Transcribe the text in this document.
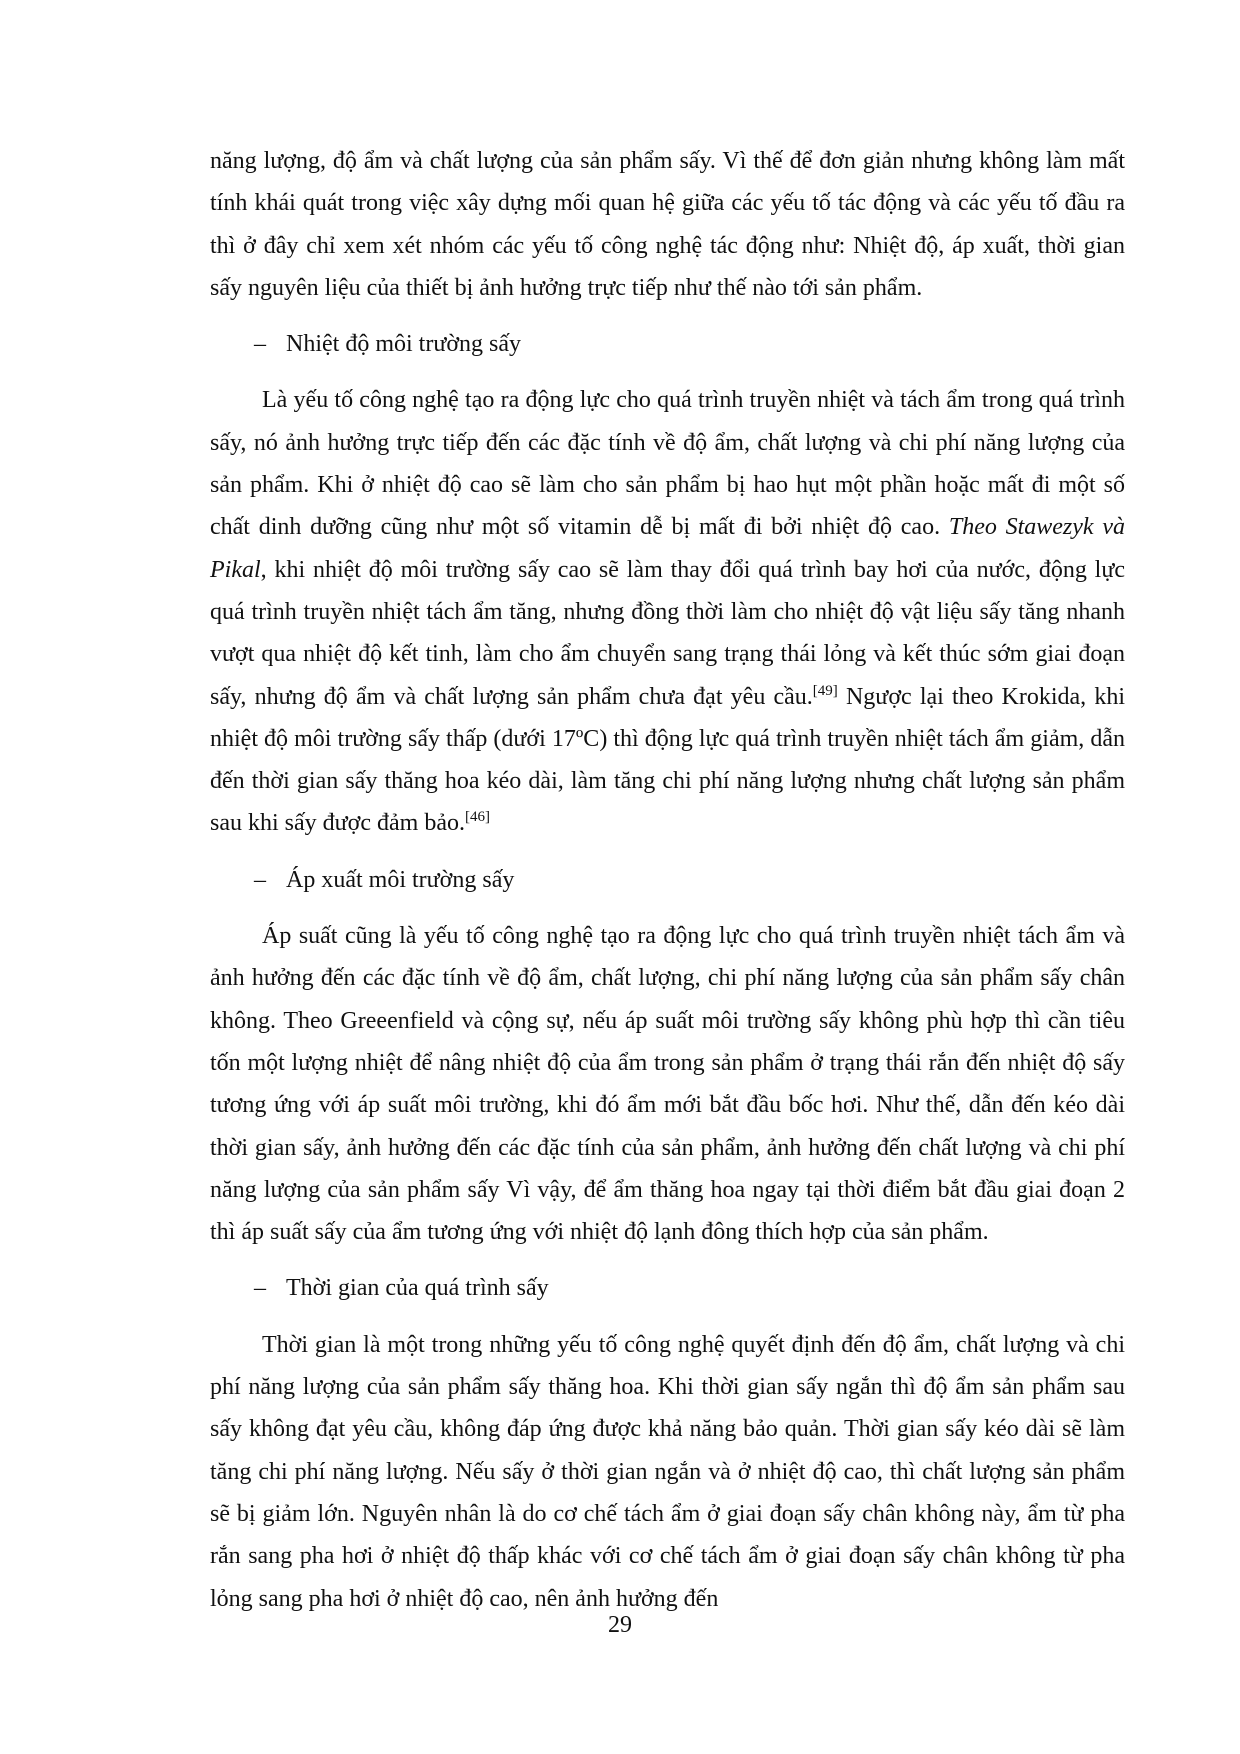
năng lượng, độ ẩm và chất lượng của sản phẩm sấy. Vì thế để đơn giản nhưng không làm mất tính khái quát trong việc xây dựng mối quan hệ giữa các yếu tố tác động và các yếu tố đầu ra thì ở đây chỉ xem xét nhóm các yếu tố công nghệ tác động như: Nhiệt độ, áp xuất, thời gian sấy nguyên liệu của thiết bị ảnh hưởng trực tiếp như thế nào tới sản phẩm.

– Nhiệt độ môi trường sấy

Là yếu tố công nghệ tạo ra động lực cho quá trình truyền nhiệt và tách ẩm trong quá trình sấy, nó ảnh hưởng trực tiếp đến các đặc tính về độ ẩm, chất lượng và chi phí năng lượng của sản phẩm. Khi ở nhiệt độ cao sẽ làm cho sản phẩm bị hao hụt một phần hoặc mất đi một số chất dinh dưỡng cũng như một số vitamin dễ bị mất đi bởi nhiệt độ cao. Theo Stawezyk và Pikal, khi nhiệt độ môi trường sấy cao sẽ làm thay đổi quá trình bay hơi của nước, động lực quá trình truyền nhiệt tách ẩm tăng, nhưng đồng thời làm cho nhiệt độ vật liệu sấy tăng nhanh vượt qua nhiệt độ kết tinh, làm cho ẩm chuyển sang trạng thái lỏng và kết thúc sớm giai đoạn sấy, nhưng độ ẩm và chất lượng sản phẩm chưa đạt yêu cầu.[49] Ngược lại theo Krokida, khi nhiệt độ môi trường sấy thấp (dưới 17ºC) thì động lực quá trình truyền nhiệt tách ẩm giảm, dẫn đến thời gian sấy thăng hoa kéo dài, làm tăng chi phí năng lượng nhưng chất lượng sản phẩm sau khi sấy được đảm bảo.[46]

– Áp xuất môi trường sấy

Áp suất cũng là yếu tố công nghệ tạo ra động lực cho quá trình truyền nhiệt tách ẩm và ảnh hưởng đến các đặc tính về độ ẩm, chất lượng, chi phí năng lượng của sản phẩm sấy chân không. Theo Greeenfield và cộng sự, nếu áp suất môi trường sấy không phù hợp thì cần tiêu tốn một lượng nhiệt để nâng nhiệt độ của ẩm trong sản phẩm ở trạng thái rắn đến nhiệt độ sấy tương ứng với áp suất môi trường, khi đó ẩm mới bắt đầu bốc hơi. Như thế, dẫn đến kéo dài thời gian sấy, ảnh hưởng đến các đặc tính của sản phẩm, ảnh hưởng đến chất lượng và chi phí năng lượng của sản phẩm sấy Vì vậy, để ẩm thăng hoa ngay tại thời điểm bắt đầu giai đoạn 2 thì áp suất sấy của ẩm tương ứng với nhiệt độ lạnh đông thích hợp của sản phẩm.

– Thời gian của quá trình sấy

Thời gian là một trong những yếu tố công nghệ quyết định đến độ ẩm, chất lượng và chi phí năng lượng của sản phẩm sấy thăng hoa. Khi thời gian sấy ngắn thì độ ẩm sản phẩm sau sấy không đạt yêu cầu, không đáp ứng được khả năng bảo quản. Thời gian sấy kéo dài sẽ làm tăng chi phí năng lượng. Nếu sấy ở thời gian ngắn và ở nhiệt độ cao, thì chất lượng sản phẩm sẽ bị giảm lớn. Nguyên nhân là do cơ chế tách ẩm ở giai đoạn sấy chân không này, ẩm từ pha rắn sang pha hơi ở nhiệt độ thấp khác với cơ chế tách ẩm ở giai đoạn sấy chân không từ pha lỏng sang pha hơi ở nhiệt độ cao, nên ảnh hưởng đến

29
